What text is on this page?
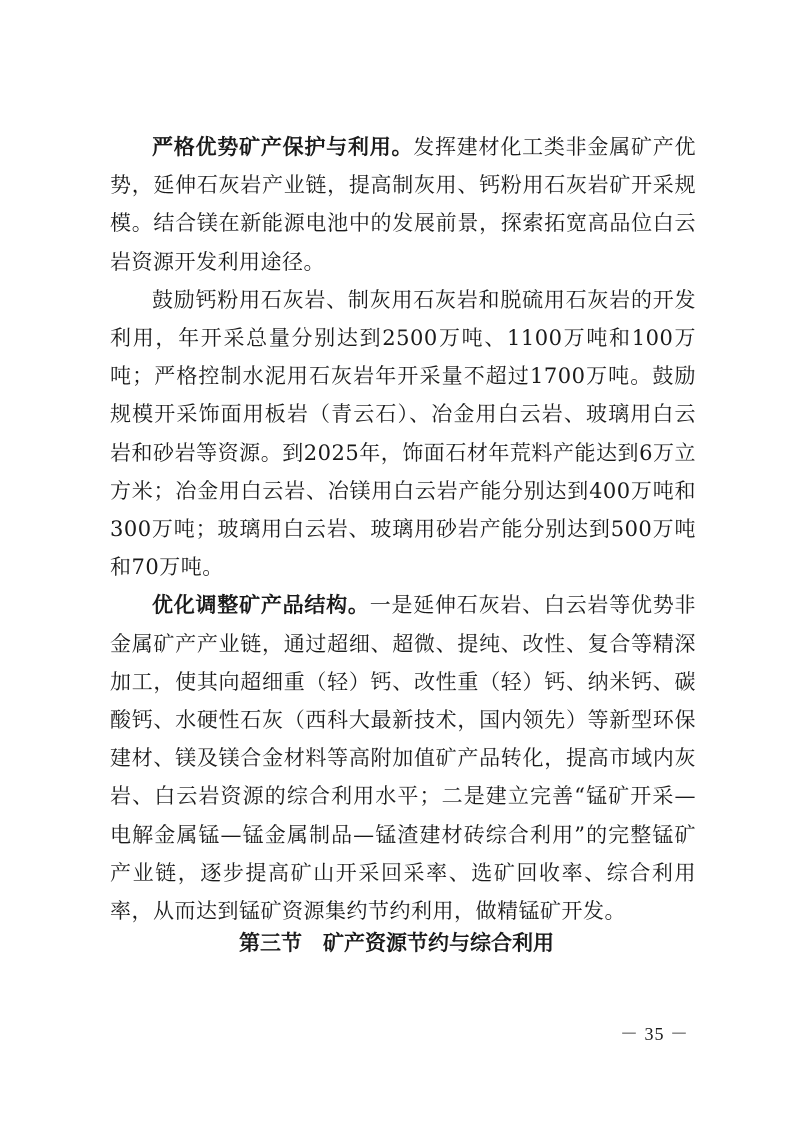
严格优势矿产保护与利用。发挥建材化工类非金属矿产优势，延伸石灰岩产业链，提高制灰用、钙粉用石灰岩矿开采规模。结合镁在新能源电池中的发展前景，探索拓宽高品位白云岩资源开发利用途径。

鼓励钙粉用石灰岩、制灰用石灰岩和脱硫用石灰岩的开发利用，年开采总量分别达到2500万吨、1100万吨和100万吨；严格控制水泥用石灰岩年开采量不超过1700万吨。鼓励规模开采饰面用板岩（青云石）、冶金用白云岩、玻璃用白云岩和砂岩等资源。到2025年，饰面石材年荒料产能达到6万立方米；冶金用白云岩、冶镁用白云岩产能分别达到400万吨和300万吨；玻璃用白云岩、玻璃用砂岩产能分别达到500万吨和70万吨。

优化调整矿产品结构。一是延伸石灰岩、白云岩等优势非金属矿产产业链，通过超细、超微、提纯、改性、复合等精深加工，使其向超细重（轻）钙、改性重（轻）钙、纳米钙、碳酸钙、水硬性石灰（西科大最新技术，国内领先）等新型环保建材、镁及镁合金材料等高附加值矿产品转化，提高市域内灰岩、白云岩资源的综合利用水平；二是建立完善“锰矿开采—电解金属锰—锰金属制品—锰渣建材砖综合利用”的完整锰矿产业链，逐步提高矿山开采回采率、选矿回收率、综合利用率，从而达到锰矿资源集约节约利用，做精锰矿开发。

第三节　矿产资源节约与综合利用
－ 35 －
